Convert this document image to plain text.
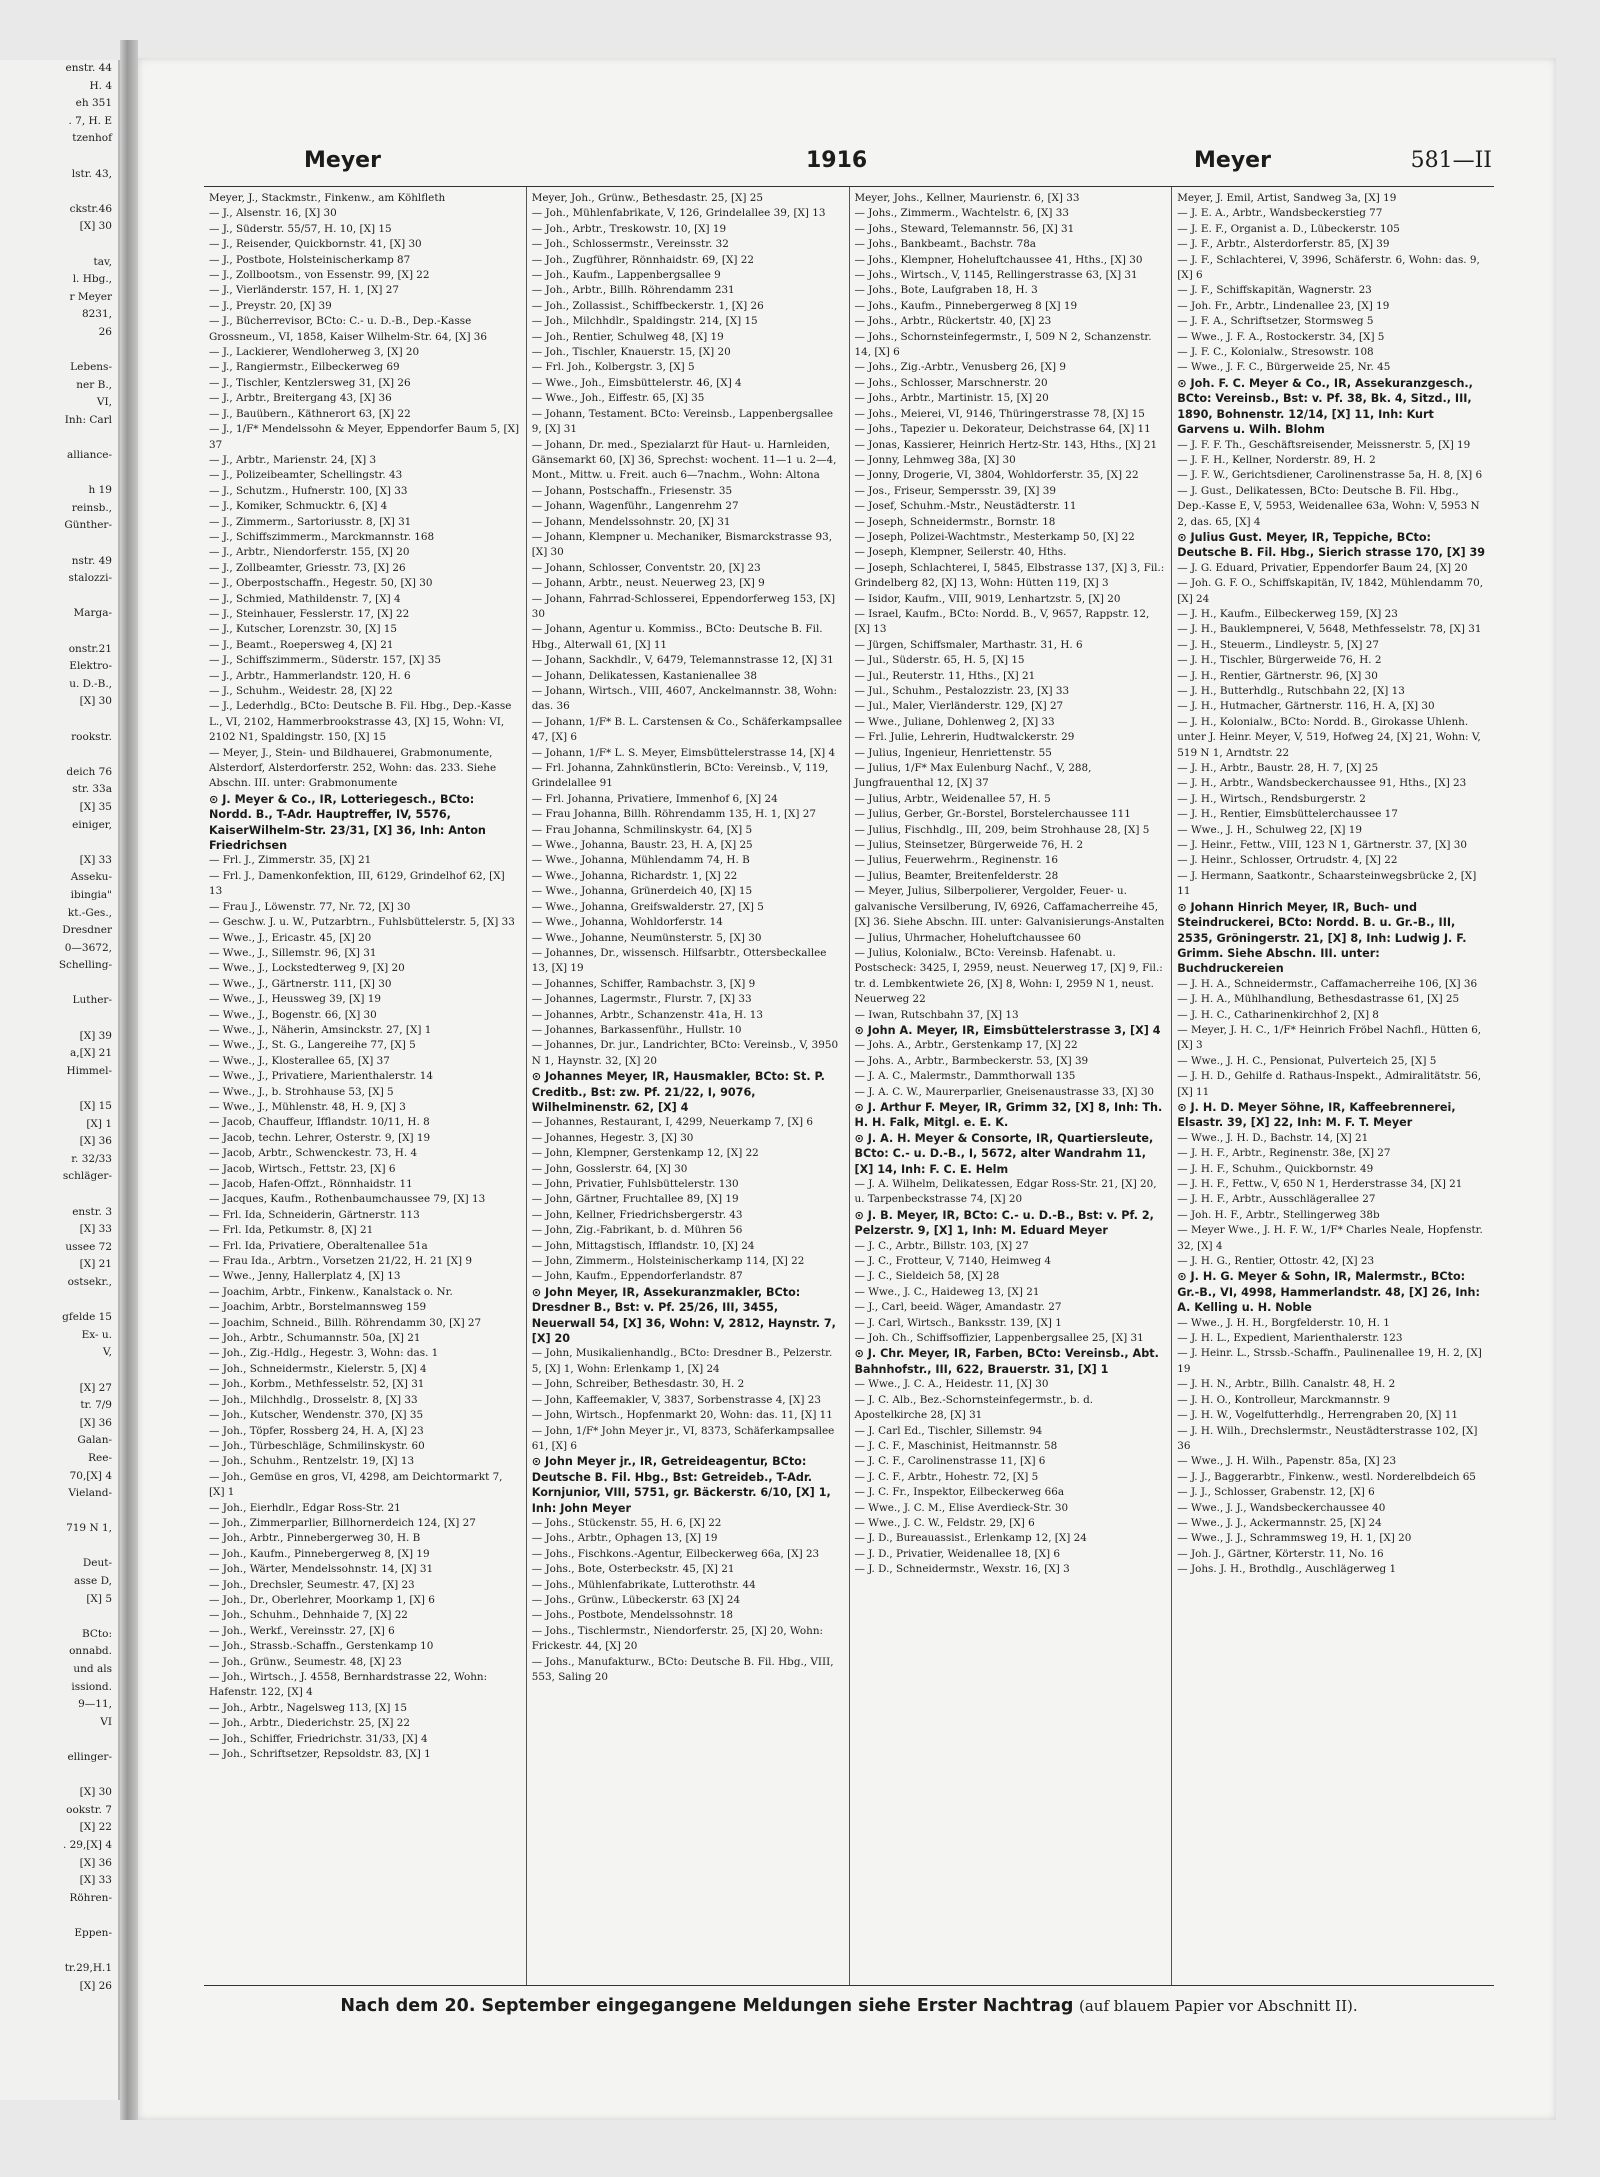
enstr. 44
H. 4
eh 351
. 7, H. E
tzenhof

lstr. 43,

ckstr.46
[X] 30

tav,
l. Hbg.,
r Meyer
8231,
26

Lebens-
ner B.,
VI,
Inh: Carl

alliance-

h 19
reinsb.,
Günther-

nstr. 49
stalozzi-

Marga-

onstr.21
Elektro-
u. D.-B.,
[X] 30

rookstr.

deich 76
str. 33a
[X] 35
einiger,

[X] 33
Asseku-
ibingia"
kt.-Ges.,
Dresdner
0—3672,
Schelling-

Luther-

[X] 39
a,[X] 21
Himmel-

[X] 15
[X] 1
[X] 36
r. 32/33
schläger-

enstr. 3
[X] 33
ussee 72
[X] 21
ostsekr.,

gfelde 15
Ex- u.
V,

[X] 27
tr. 7/9
[X] 36
Galan-
Ree-
70,[X] 4
Vieland-

719 N 1,

Deut-
asse D,
[X] 5

BCto:
onnabd.
und als
issiond.
9—11,
VI

ellinger-

[X] 30
ookstr. 7
[X] 22
. 29,[X] 4
[X] 36
[X] 33
Röhren-

Eppen-

tr.29,H.1
[X] 26
Meyer	1916	Meyer	581—II

Meyer, J., Stackmstr., Finkenw., am Köhlfleth

— J., Alsenstr. 16, [X] 30

— J., Süderstr. 55/57, H. 10, [X] 15

— J., Reisender, Quickbornstr. 41, [X] 30

— J., Postbote, Holsteinischerkamp 87

— J., Zollbootsm., von Essenstr. 99, [X] 22

— J., Vierländerstr. 157, H. 1, [X] 27

— J., Preystr. 20, [X] 39

— J., Bücherrevisor, BCto: C.- u. D.-B., Dep.-Kasse Grossneum., VI, 1858, Kaiser Wilhelm-Str. 64, [X] 36

— J., Lackierer, Wendloherweg 3, [X] 20

— J., Rangiermstr., Eilbeckerweg 69

— J., Tischler, Kentzlersweg 31, [X] 26

— J., Arbtr., Breitergang 43, [X] 36

— J., Bauübern., Käthnerort 63, [X] 22

— J., 1/F* Mendelssohn & Meyer, Eppendorfer Baum 5, [X] 37

— J., Arbtr., Marienstr. 24, [X] 3

— J., Polizeibeamter, Schellingstr. 43

— J., Schutzm., Hufnerstr. 100, [X] 33

— J., Komiker, Schmucktr. 6, [X] 4

— J., Zimmerm., Sartoriusstr. 8, [X] 31

— J., Schiffszimmerm., Marckmannstr. 168

— J., Arbtr., Niendorferstr. 155, [X] 20

— J., Zollbeamter, Griesstr. 73, [X] 26

— J., Oberpostschaffn., Hegestr. 50, [X] 30

— J., Schmied, Mathildenstr. 7, [X] 4

— J., Steinhauer, Fesslerstr. 17, [X] 22

— J., Kutscher, Lorenzstr. 30, [X] 15

— J., Beamt., Roepersweg 4, [X] 21

— J., Schiffszimmerm., Süderstr. 157, [X] 35

— J., Arbtr., Hammerlandstr. 120, H. 6

— J., Schuhm., Weidestr. 28, [X] 22

— J., Lederhdlg., BCto: Deutsche B. Fil. Hbg., Dep.-Kasse L., VI, 2102, Hammerbrookstrasse 43, [X] 15, Wohn: VI, 2102 N1, Spaldingstr. 150, [X] 15

— Meyer, J., Stein- und Bildhauerei, Grabmonumente, Alsterdorf, Alsterdorferstr. 252, Wohn: das. 233. Siehe Abschn. III. unter: Grabmonumente

⊙ J. Meyer & Co., IR, Lotteriegesch., BCto: Nordd. B., T-Adr. Hauptreffer, IV, 5576, KaiserWilhelm-Str. 23/31, [X] 36, Inh: Anton Friedrichsen

— Frl. J., Zimmerstr. 35, [X] 21

— Frl. J., Damenkonfektion, III, 6129, Grindelhof 62, [X] 13

— Frau J., Löwenstr. 77, Nr. 72, [X] 30

— Geschw. J. u. W., Putzarbtrn., Fuhlsbüttelerstr. 5, [X] 33

— Wwe., J., Ericastr. 45, [X] 20

— Wwe., J., Sillemstr. 96, [X] 31

— Wwe., J., Lockstedterweg 9, [X] 20

— Wwe., J., Gärtnerstr. 111, [X] 30

— Wwe., J., Heussweg 39, [X] 19

— Wwe., J., Bogenstr. 66, [X] 30

— Wwe., J., Näherin, Amsinckstr. 27, [X] 1

— Wwe., J., St. G., Langereihe 77, [X] 5

— Wwe., J., Klosterallee 65, [X] 37

— Wwe., J., Privatiere, Marienthalerstr. 14

— Wwe., J., b. Strohhause 53, [X] 5

— Wwe., J., Mühlenstr. 48, H. 9, [X] 3

— Jacob, Chauffeur, Ifflandstr. 10/11, H. 8

— Jacob, techn. Lehrer, Osterstr. 9, [X] 19

— Jacob, Arbtr., Schwenckestr. 73, H. 4

— Jacob, Wirtsch., Fettstr. 23, [X] 6

— Jacob, Hafen-Offzt., Rönnhaidstr. 11

— Jacques, Kaufm., Rothenbaumchaussee 79, [X] 13

— Frl. Ida, Schneiderin, Gärtnerstr. 113

— Frl. Ida, Petkumstr. 8, [X] 21

— Frl. Ida, Privatiere, Oberaltenallee 51a

— Frau Ida., Arbtrn., Vorsetzen 21/22, H. 21 [X] 9

— Wwe., Jenny, Hallerplatz 4, [X] 13

— Joachim, Arbtr., Finkenw., Kanalstack o. Nr.

— Joachim, Arbtr., Borstelmannsweg 159

— Joachim, Schneid., Billh. Röhrendamm 30, [X] 27

— Joh., Arbtr., Schumannstr. 50a, [X] 21

— Joh., Zig.-Hdlg., Hegestr. 3, Wohn: das. 1

— Joh., Schneidermstr., Kielerstr. 5, [X] 4

— Joh., Korbm., Methfesselstr. 52, [X] 31

— Joh., Milchhdlg., Drosselstr. 8, [X] 33

— Joh., Kutscher, Wendenstr. 370, [X] 35

— Joh., Töpfer, Rossberg 24, H. A, [X] 23

— Joh., Türbeschläge, Schmilinskystr. 60

— Joh., Schuhm., Rentzelstr. 19, [X] 13

— Joh., Gemüse en gros, VI, 4298, am Deichtormarkt 7, [X] 1

— Joh., Eierhdlr., Edgar Ross-Str. 21

— Joh., Zimmerparlier, Billhornerdeich 124, [X] 27

— Joh., Arbtr., Pinnebergerweg 30, H. B

— Joh., Kaufm., Pinnebergerweg 8, [X] 19

— Joh., Wärter, Mendelssohnstr. 14, [X] 31

— Joh., Drechsler, Seumestr. 47, [X] 23

— Joh., Dr., Oberlehrer, Moorkamp 1, [X] 6

— Joh., Schuhm., Dehnhaide 7, [X] 22

— Joh., Werkf., Vereinsstr. 27, [X] 6

— Joh., Strassb.-Schaffn., Gerstenkamp 10

— Joh., Grünw., Seumestr. 48, [X] 23

— Joh., Wirtsch., J. 4558, Bernhardstrasse 22, Wohn: Hafenstr. 122, [X] 4

— Joh., Arbtr., Nagelsweg 113, [X] 15

— Joh., Arbtr., Diederichstr. 25, [X] 22

— Joh., Schiffer, Friedrichstr. 31/33, [X] 4

— Joh., Schriftsetzer, Repsoldstr. 83, [X] 1

Meyer, Joh., Grünw., Bethesdastr. 25, [X] 25

— Joh., Mühlenfabrikate, V, 126, Grindelallee 39, [X] 13

— Joh., Arbtr., Treskowstr. 10, [X] 19

— Joh., Schlossermstr., Vereinsstr. 32

— Joh., Zugführer, Rönnhaidstr. 69, [X] 22

— Joh., Kaufm., Lappenbergsallee 9

— Joh., Arbtr., Billh. Röhrendamm 231

— Joh., Zollassist., Schiffbeckerstr. 1, [X] 26

— Joh., Milchhdlr., Spaldingstr. 214, [X] 15

— Joh., Rentier, Schulweg 48, [X] 19

— Joh., Tischler, Knauerstr. 15, [X] 20

— Frl. Joh., Kolbergstr. 3, [X] 5

— Wwe., Joh., Eimsbüttelerstr. 46, [X] 4

— Wwe., Joh., Eiffestr. 65, [X] 35

— Johann, Testament. BCto: Vereinsb., Lappenbergsallee 9, [X] 31

— Johann, Dr. med., Spezialarzt für Haut- u. Harnleiden, Gänsemarkt 60, [X] 36, Sprechst: wochent. 11—1 u. 2—4, Mont., Mittw. u. Freit. auch 6—7nachm., Wohn: Altona

— Johann, Postschaffn., Friesenstr. 35

— Johann, Wagenführ., Langenrehm 27

— Johann, Mendelssohnstr. 20, [X] 31

— Johann, Klempner u. Mechaniker, Bismarckstrasse 93, [X] 30

— Johann, Schlosser, Conventstr. 20, [X] 23

— Johann, Arbtr., neust. Neuerweg 23, [X] 9

— Johann, Fahrrad-Schlosserei, Eppendorferweg 153, [X] 30

— Johann, Agentur u. Kommiss., BCto: Deutsche B. Fil. Hbg., Alterwall 61, [X] 11

— Johann, Sackhdlr., V, 6479, Telemannstrasse 12, [X] 31

— Johann, Delikatessen, Kastanienallee 38

— Johann, Wirtsch., VIII, 4607, Anckelmannstr. 38, Wohn: das. 36

— Johann, 1/F* B. L. Carstensen & Co., Schäferkampsallee 47, [X] 6

— Johann, 1/F* L. S. Meyer, Eimsbüttelerstrasse 14, [X] 4

— Frl. Johanna, Zahnkünstlerin, BCto: Vereinsb., V, 119, Grindelallee 91

— Frl. Johanna, Privatiere, Immenhof 6, [X] 24

— Frau Johanna, Billh. Röhrendamm 135, H. 1, [X] 27

— Frau Johanna, Schmilinskystr. 64, [X] 5

— Wwe., Johanna, Baustr. 23, H. A, [X] 25

— Wwe., Johanna, Mühlendamm 74, H. B

— Wwe., Johanna, Richardstr. 1, [X] 22

— Wwe., Johanna, Grünerdeich 40, [X] 15

— Wwe., Johanna, Greifswalderstr. 27, [X] 5

— Wwe., Johanna, Wohldorferstr. 14

— Wwe., Johanne, Neumünsterstr. 5, [X] 30

— Johannes, Dr., wissensch. Hilfsarbtr., Ottersbeckallee 13, [X] 19

— Johannes, Schiffer, Rambachstr. 3, [X] 9

— Johannes, Lagermstr., Flurstr. 7, [X] 33

— Johannes, Arbtr., Schanzenstr. 41a, H. 13

— Johannes, Barkassenführ., Hullstr. 10

— Johannes, Dr. jur., Landrichter, BCto: Vereinsb., V, 3950 N 1, Haynstr. 32, [X] 20

⊙ Johannes Meyer, IR, Hausmakler, BCto: St. P. Creditb., Bst: zw. Pf. 21/22, I, 9076, Wilhelminenstr. 62, [X] 4

— Johannes, Restaurant, I, 4299, Neuerkamp 7, [X] 6

— Johannes, Hegestr. 3, [X] 30

— John, Klempner, Gerstenkamp 12, [X] 22

— John, Gosslerstr. 64, [X] 30

— John, Privatier, Fuhlsbüttelerstr. 130

— John, Gärtner, Fruchtallee 89, [X] 19

— John, Kellner, Friedrichsbergerstr. 43

— John, Zig.-Fabrikant, b. d. Mühren 56

— John, Mittagstisch, Ifflandstr. 10, [X] 24

— John, Zimmerm., Holsteinischerkamp 114, [X] 22

— John, Kaufm., Eppendorferlandstr. 87

⊙ John Meyer, IR, Assekuranzmakler, BCto: Dresdner B., Bst: v. Pf. 25/26, III, 3455, Neuerwall 54, [X] 36, Wohn: V, 2812, Haynstr. 7, [X] 20

— John, Musikalienhandlg., BCto: Dresdner B., Pelzerstr. 5, [X] 1, Wohn: Erlenkamp 1, [X] 24

— John, Schreiber, Bethesdastr. 30, H. 2

— John, Kaffeemakler, V, 3837, Sorbenstrasse 4, [X] 23

— John, Wirtsch., Hopfenmarkt 20, Wohn: das. 11, [X] 11

— John, 1/F* John Meyer jr., VI, 8373, Schäferkampsallee 61, [X] 6

⊙ John Meyer jr., IR, Getreideagentur, BCto: Deutsche B. Fil. Hbg., Bst: Getreideb., T-Adr. Kornjunior, VIII, 5751, gr. Bäckerstr. 6/10, [X] 1, Inh: John Meyer

— Johs., Stückenstr. 55, H. 6, [X] 22

— Johs., Arbtr., Ophagen 13, [X] 19

— Johs., Fischkons.-Agentur, Eilbeckerweg 66a, [X] 23

— Johs., Bote, Osterbeckstr. 45, [X] 21

— Johs., Mühlenfabrikate, Lutterothstr. 44

— Johs., Grünw., Lübeckerstr. 63 [X] 24

— Johs., Postbote, Mendelssohnstr. 18

— Johs., Tischlermstr., Niendorferstr. 25, [X] 20, Wohn: Frickestr. 44, [X] 20

— Johs., Manufakturw., BCto: Deutsche B. Fil. Hbg., VIII, 553, Saling 20

Meyer, Johs., Kellner, Maurienstr. 6, [X] 33

— Johs., Zimmerm., Wachtelstr. 6, [X] 33

— Johs., Steward, Telemannstr. 56, [X] 31

— Johs., Bankbeamt., Bachstr. 78a

— Johs., Klempner, Hoheluftchaussee 41, Hths., [X] 30

— Johs., Wirtsch., V, 1145, Rellingerstrasse 63, [X] 31

— Johs., Bote, Laufgraben 18, H. 3

— Johs., Kaufm., Pinnebergerweg 8 [X] 19

— Johs., Arbtr., Rückertstr. 40, [X] 23

— Johs., Schornsteinfegermstr., I, 509 N 2, Schanzenstr. 14, [X] 6

— Johs., Zig.-Arbtr., Venusberg 26, [X] 9

— Johs., Schlosser, Marschnerstr. 20

— Johs., Arbtr., Martinistr. 15, [X] 20

— Johs., Meierei, VI, 9146, Thüringerstrasse 78, [X] 15

— Johs., Tapezier u. Dekorateur, Deichstrasse 64, [X] 11

— Jonas, Kassierer, Heinrich Hertz-Str. 143, Hths., [X] 21

— Jonny, Lehmweg 38a, [X] 30

— Jonny, Drogerie, VI, 3804, Wohldorferstr. 35, [X] 22

— Jos., Friseur, Sempersstr. 39, [X] 39

— Josef, Schuhm.-Mstr., Neustädterstr. 11

— Joseph, Schneidermstr., Bornstr. 18

— Joseph, Polizei-Wachtmstr., Mesterkamp 50, [X] 22

— Joseph, Klempner, Seilerstr. 40, Hths.

— Joseph, Schlachterei, I, 5845, Elbstrasse 137, [X] 3, Fil.: Grindelberg 82, [X] 13, Wohn: Hütten 119, [X] 3

— Isidor, Kaufm., VIII, 9019, Lenhartzstr. 5, [X] 20

— Israel, Kaufm., BCto: Nordd. B., V, 9657, Rappstr. 12, [X] 13

— Jürgen, Schiffsmaler, Marthastr. 31, H. 6

— Jul., Süderstr. 65, H. 5, [X] 15

— Jul., Reuterstr. 11, Hths., [X] 21

— Jul., Schuhm., Pestalozzistr. 23, [X] 33

— Jul., Maler, Vierländerstr. 129, [X] 27

— Wwe., Juliane, Dohlenweg 2, [X] 33

— Frl. Julie, Lehrerin, Hudtwalckerstr. 29

— Julius, Ingenieur, Henriettenstr. 55

— Julius, 1/F* Max Eulenburg Nachf., V, 288, Jungfrauenthal 12, [X] 37

— Julius, Arbtr., Weidenallee 57, H. 5

— Julius, Gerber, Gr.-Borstel, Borstelerchaussee 111

— Julius, Fischhdlg., III, 209, beim Strohhause 28, [X] 5

— Julius, Steinsetzer, Bürgerweide 76, H. 2

— Julius, Feuerwehrm., Reginenstr. 16

— Julius, Beamter, Breitenfelderstr. 28

— Meyer, Julius, Silberpolierer, Vergolder, Feuer- u. galvanische Versilberung, IV, 6926, Caffamacherreihe 45, [X] 36. Siehe Abschn. III. unter: Galvanisierungs-Anstalten

— Julius, Uhrmacher, Hoheluftchaussee 60

— Julius, Kolonialw., BCto: Vereinsb. Hafenabt. u. Postscheck: 3425, I, 2959, neust. Neuerweg 17, [X] 9, Fil.: tr. d. Lembkentwiete 26, [X] 8, Wohn: I, 2959 N 1, neust. Neuerweg 22

— Iwan, Rutschbahn 37, [X] 13

⊙ John A. Meyer, IR, Eimsbüttelerstrasse 3, [X] 4

— Johs. A., Arbtr., Gerstenkamp 17, [X] 22

— Johs. A., Arbtr., Barmbeckerstr. 53, [X] 39

— J. A. C., Malermstr., Dammthorwall 135

— J. A. C. W., Maurerparlier, Gneisenaustrasse 33, [X] 30

⊙ J. Arthur F. Meyer, IR, Grimm 32, [X] 8, Inh: Th. H. H. Falk, Mitgl. e. E. K.

⊙ J. A. H. Meyer & Consorte, IR, Quartiersleute, BCto: C.- u. D.-B., I, 5672, alter Wandrahm 11, [X] 14, Inh: F. C. E. Helm

— J. A. Wilhelm, Delikatessen, Edgar Ross-Str. 21, [X] 20, u. Tarpenbeckstrasse 74, [X] 20

⊙ J. B. Meyer, IR, BCto: C.- u. D.-B., Bst: v. Pf. 2, Pelzerstr. 9, [X] 1, Inh: M. Eduard Meyer

— J. C., Arbtr., Billstr. 103, [X] 27

— J. C., Frotteur, V, 7140, Heimweg 4

— J. C., Sieldeich 58, [X] 28

— Wwe., J. C., Haideweg 13, [X] 21

— J., Carl, beeid. Wäger, Amandastr. 27

— J. Carl, Wirtsch., Banksstr. 139, [X] 1

— Joh. Ch., Schiffsoffizier, Lappenbergsallee 25, [X] 31

⊙ J. Chr. Meyer, IR, Farben, BCto: Vereinsb., Abt. Bahnhofstr., III, 622, Brauerstr. 31, [X] 1

— Wwe., J. C. A., Heidestr. 11, [X] 30

— J. C. Alb., Bez.-Schornsteinfegermstr., b. d. Apostelkirche 28, [X] 31

— J. Carl Ed., Tischler, Sillemstr. 94

— J. C. F., Maschinist, Heitmannstr. 58

— J. C. F., Carolinenstrasse 11, [X] 6

— J. C. F., Arbtr., Hohestr. 72, [X] 5

— J. C. Fr., Inspektor, Eilbeckerweg 66a

— Wwe., J. C. M., Elise Averdieck-Str. 30

— Wwe., J. C. W., Feldstr. 29, [X] 6

— J. D., Bureauassist., Erlenkamp 12, [X] 24

— J. D., Privatier, Weidenallee 18, [X] 6

— J. D., Schneidermstr., Wexstr. 16, [X] 3

Meyer, J. Emil, Artist, Sandweg 3a, [X] 19

— J. E. A., Arbtr., Wandsbeckerstieg 77

— J. E. F., Organist a. D., Lübeckerstr. 105

— J. F., Arbtr., Alsterdorferstr. 85, [X] 39

— J. F., Schlachterei, V, 3996, Schäferstr. 6, Wohn: das. 9, [X] 6

— J. F., Schiffskapitän, Wagnerstr. 23

— Joh. Fr., Arbtr., Lindenallee 23, [X] 19

— J. F. A., Schriftsetzer, Stormsweg 5

— Wwe., J. F. A., Rostockerstr. 34, [X] 5

— J. F. C., Kolonialw., Stresowstr. 108

— Wwe., J. F. C., Bürgerweide 25, Nr. 45

⊙ Joh. F. C. Meyer & Co., IR, Assekuranzgesch., BCto: Vereinsb., Bst: v. Pf. 38, Bk. 4, Sitzd., III, 1890, Bohnenstr. 12/14, [X] 11, Inh: Kurt Garvens u. Wilh. Blohm

— J. F. F. Th., Geschäftsreisender, Meissnerstr. 5, [X] 19

— J. F. H., Kellner, Norderstr. 89, H. 2

— J. F. W., Gerichtsdiener, Carolinenstrasse 5a, H. 8, [X] 6

— J. Gust., Delikatessen, BCto: Deutsche B. Fil. Hbg., Dep.-Kasse E, V, 5953, Weidenallee 63a, Wohn: V, 5953 N 2, das. 65, [X] 4

⊙ Julius Gust. Meyer, IR, Teppiche, BCto: Deutsche B. Fil. Hbg., Sierich strasse 170, [X] 39

— J. G. Eduard, Privatier, Eppendorfer Baum 24, [X] 20

— Joh. G. F. O., Schiffskapitän, IV, 1842, Mühlendamm 70, [X] 24

— J. H., Kaufm., Eilbeckerweg 159, [X] 23

— J. H., Bauklempnerei, V, 5648, Methfesselstr. 78, [X] 31

— J. H., Steuerm., Lindleystr. 5, [X] 27

— J. H., Tischler, Bürgerweide 76, H. 2

— J. H., Rentier, Gärtnerstr. 96, [X] 30

— J. H., Butterhdlg., Rutschbahn 22, [X] 13

— J. H., Hutmacher, Gärtnerstr. 116, H. A, [X] 30

— J. H., Kolonialw., BCto: Nordd. B., Girokasse Uhlenh. unter J. Heinr. Meyer, V, 519, Hofweg 24, [X] 21, Wohn: V, 519 N 1, Arndtstr. 22

— J. H., Arbtr., Baustr. 28, H. 7, [X] 25

— J. H., Arbtr., Wandsbeckerchaussee 91, Hths., [X] 23

— J. H., Wirtsch., Rendsburgerstr. 2

— J. H., Rentier, Eimsbüttelerchaussee 17

— Wwe., J. H., Schulweg 22, [X] 19

— J. Heinr., Fettw., VIII, 123 N 1, Gärtnerstr. 37, [X] 30

— J. Heinr., Schlosser, Ortrudstr. 4, [X] 22

— J. Hermann, Saatkontr., Schaarsteinwegsbrücke 2, [X] 11

⊙ Johann Hinrich Meyer, IR, Buch- und Steindruckerei, BCto: Nordd. B. u. Gr.-B., III, 2535, Gröningerstr. 21, [X] 8, Inh: Ludwig J. F. Grimm. Siehe Abschn. III. unter: Buchdruckereien

— J. H. A., Schneidermstr., Caffamacherreihe 106, [X] 36

— J. H. A., Mühlhandlung, Bethesdastrasse 61, [X] 25

— J. H. C., Catharinenkirchhof 2, [X] 8

— Meyer, J. H. C., 1/F* Heinrich Fröbel Nachfl., Hütten 6, [X] 3

— Wwe., J. H. C., Pensionat, Pulverteich 25, [X] 5

— J. H. D., Gehilfe d. Rathaus-Inspekt., Admiralitätstr. 56, [X] 11

⊙ J. H. D. Meyer Söhne, IR, Kaffeebrennerei, Elsastr. 39, [X] 22, Inh: M. F. T. Meyer

— Wwe., J. H. D., Bachstr. 14, [X] 21

— J. H. F., Arbtr., Reginenstr. 38e, [X] 27

— J. H. F., Schuhm., Quickbornstr. 49

— J. H. F., Fettw., V, 650 N 1, Herderstrasse 34, [X] 21

— J. H. F., Arbtr., Ausschlägerallee 27

— Joh. H. F., Arbtr., Stellingerweg 38b

— Meyer Wwe., J. H. F. W., 1/F* Charles Neale, Hopfenstr. 32, [X] 4

— J. H. G., Rentier, Ottostr. 42, [X] 23

⊙ J. H. G. Meyer & Sohn, IR, Malermstr., BCto: Gr.-B., VI, 4998, Hammerlandstr. 48, [X] 26, Inh: A. Kelling u. H. Noble

— Wwe., J. H. H., Borgfelderstr. 10, H. 1

— J. H. L., Expedient, Marienthalerstr. 123

— J. Heinr. L., Strssb.-Schaffn., Paulinenallee 19, H. 2, [X] 19

— J. H. N., Arbtr., Billh. Canalstr. 48, H. 2

— J. H. O., Kontrolleur, Marckmannstr. 9

— J. H. W., Vogelfutterhdlg., Herrengraben 20, [X] 11

— J. H. Wilh., Drechslermstr., Neustädterstrasse 102, [X] 36

— Wwe., J. H. Wilh., Papenstr. 85a, [X] 23

— J. J., Baggerarbtr., Finkenw., westl. Norderelbdeich 65

— J. J., Schlosser, Grabenstr. 12, [X] 6

— Wwe., J. J., Wandsbeckerchaussee 40

— Wwe., J. J., Ackermannstr. 25, [X] 24

— Wwe., J. J., Schrammsweg 19, H. 1, [X] 20

— Joh. J., Gärtner, Körterstr. 11, No. 16

— Johs. J. H., Brothdlg., Auschlägerweg 1

Nach dem 20. September eingegangene Meldungen siehe Erster Nachtrag (auf blauem Papier vor Abschnitt II).
